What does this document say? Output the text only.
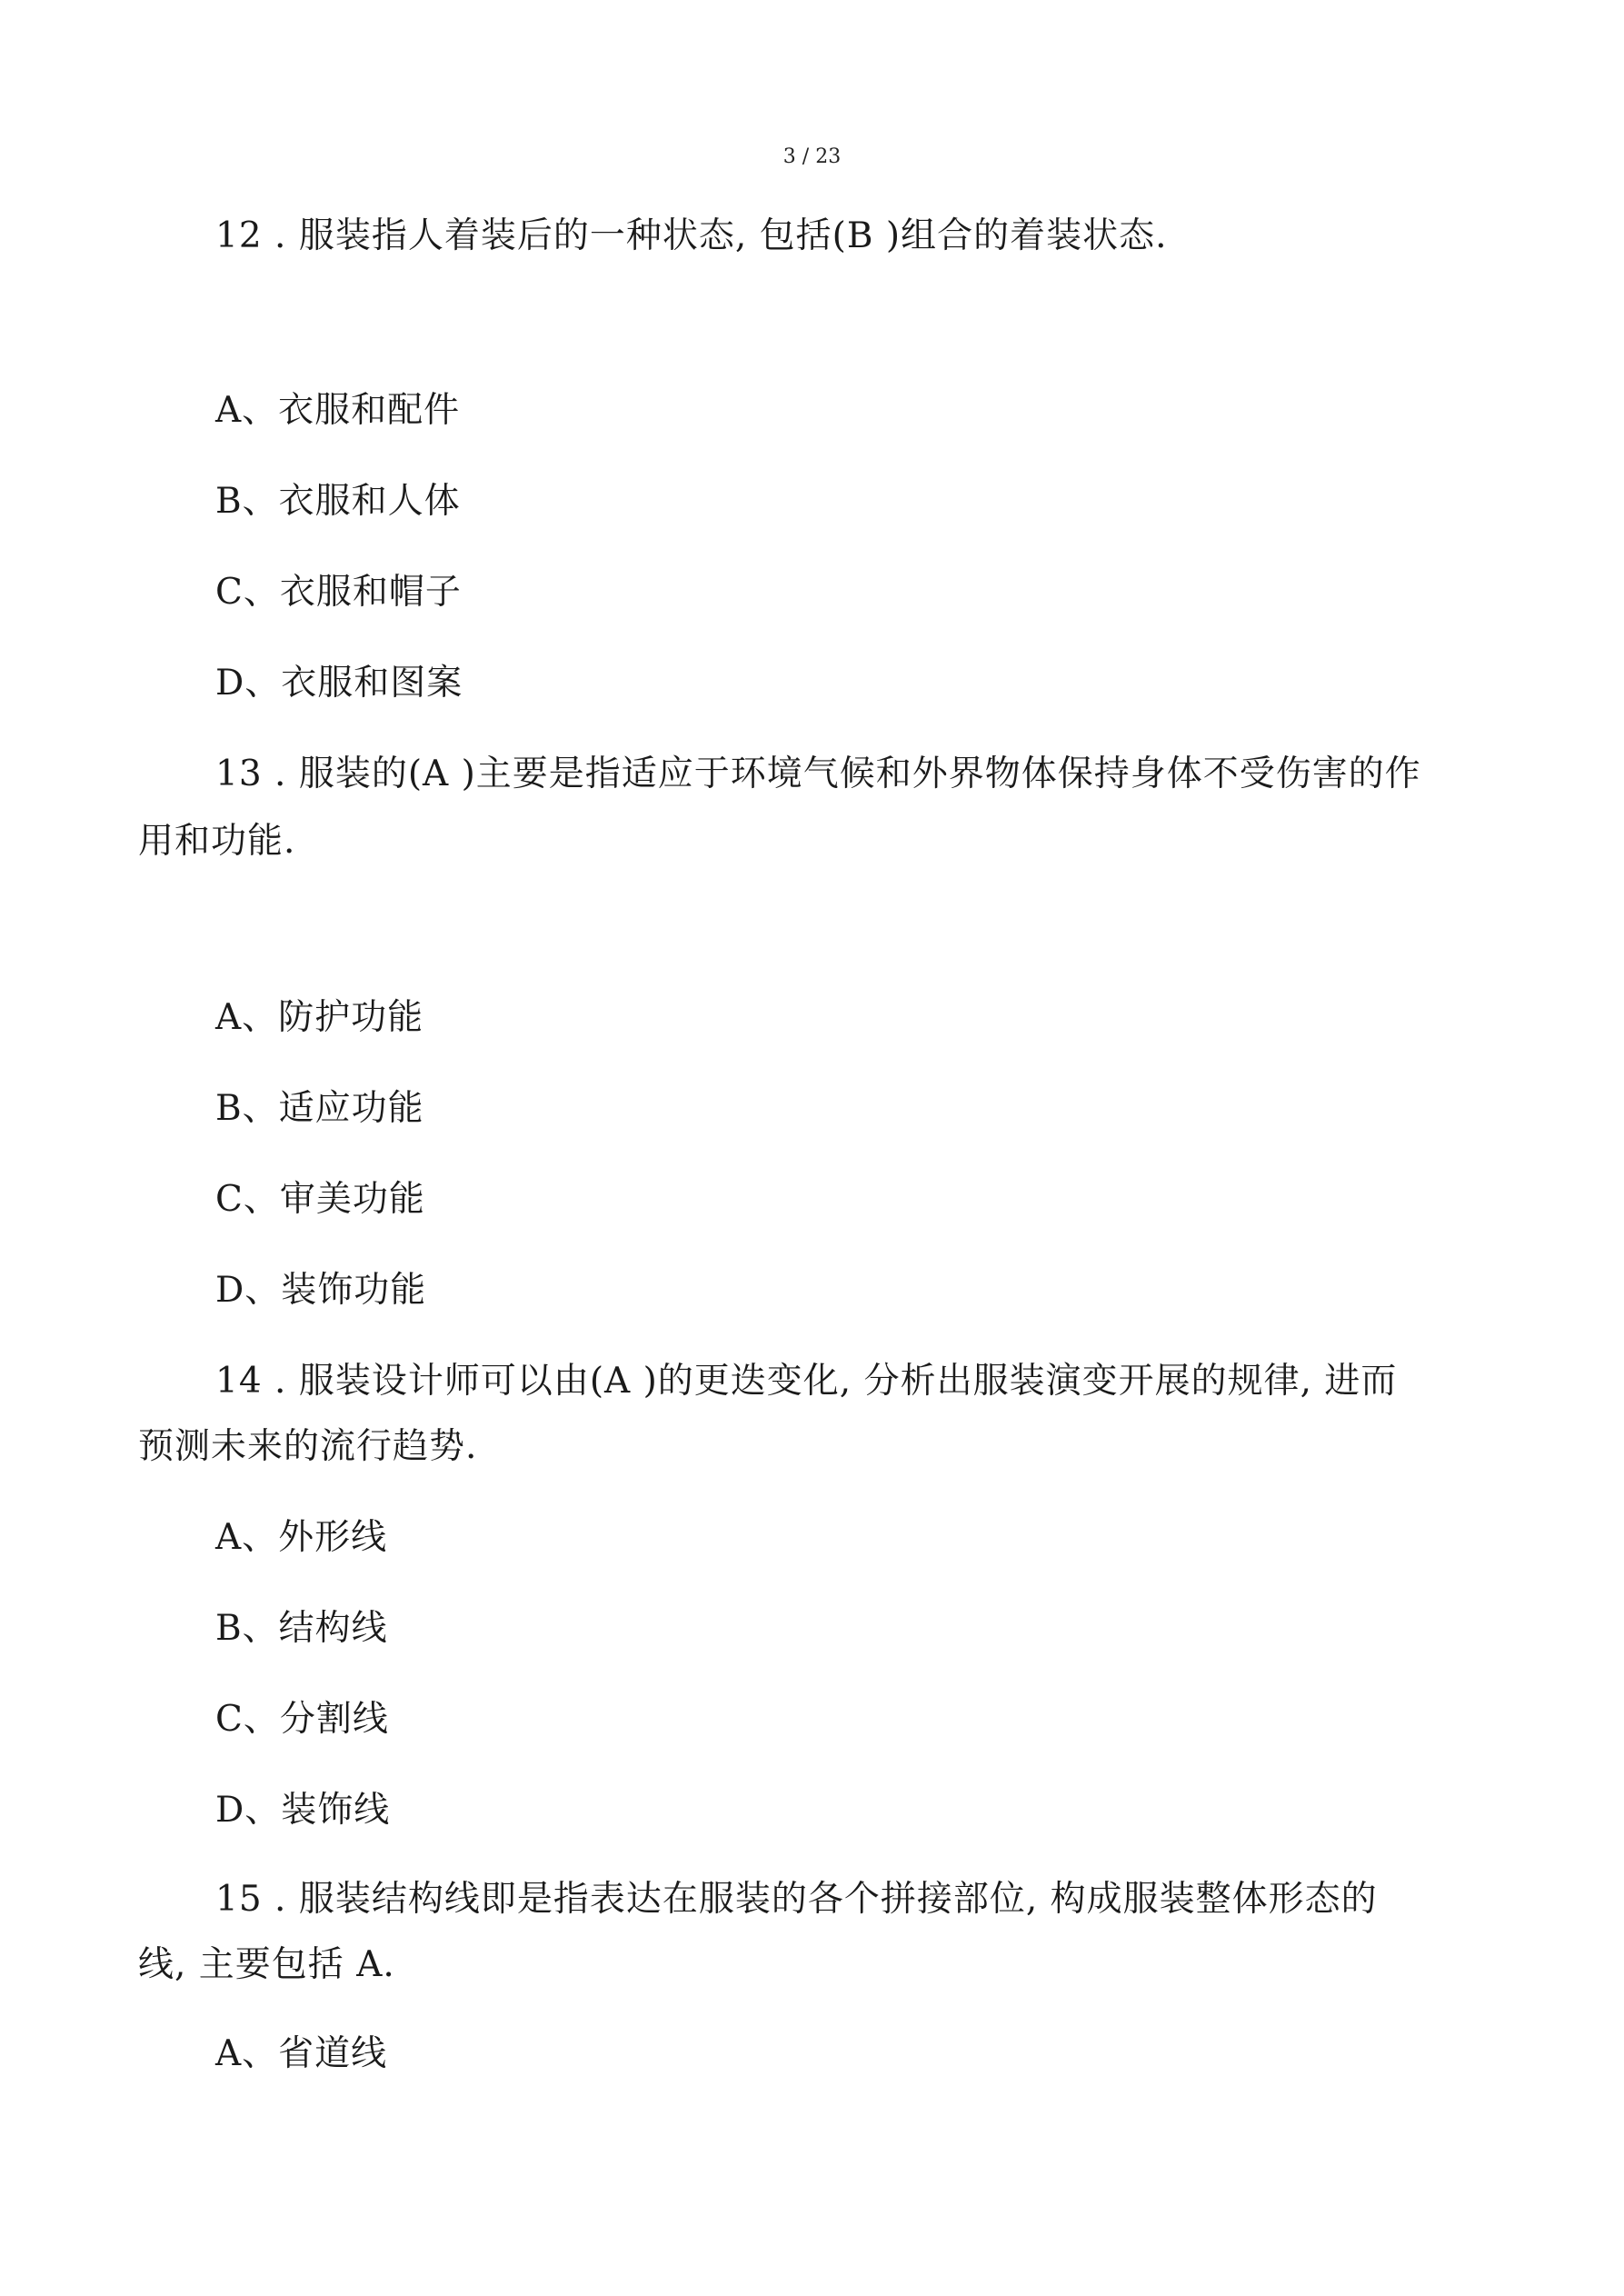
3 / 23
12 . 服装指人着装后的一种状态, 包括(B )组合的着装状态.
A、衣服和配件
B、衣服和人体
C、衣服和帽子
D、衣服和图案
13 . 服装的(A )主要是指适应于环境气候和外界物体保持身体不受伤害的作
用和功能.
A、防护功能
B、适应功能
C、审美功能
D、装饰功能
14 . 服装设计师可以由(A )的更迭变化, 分析出服装演变开展的规律, 进而
预测未来的流行趋势.
A、外形线
B、结构线
C、分割线
D、装饰线
15 . 服装结构线即是指表达在服装的各个拼接部位, 构成服装整体形态的
线, 主要包括 A.
A、省道线
